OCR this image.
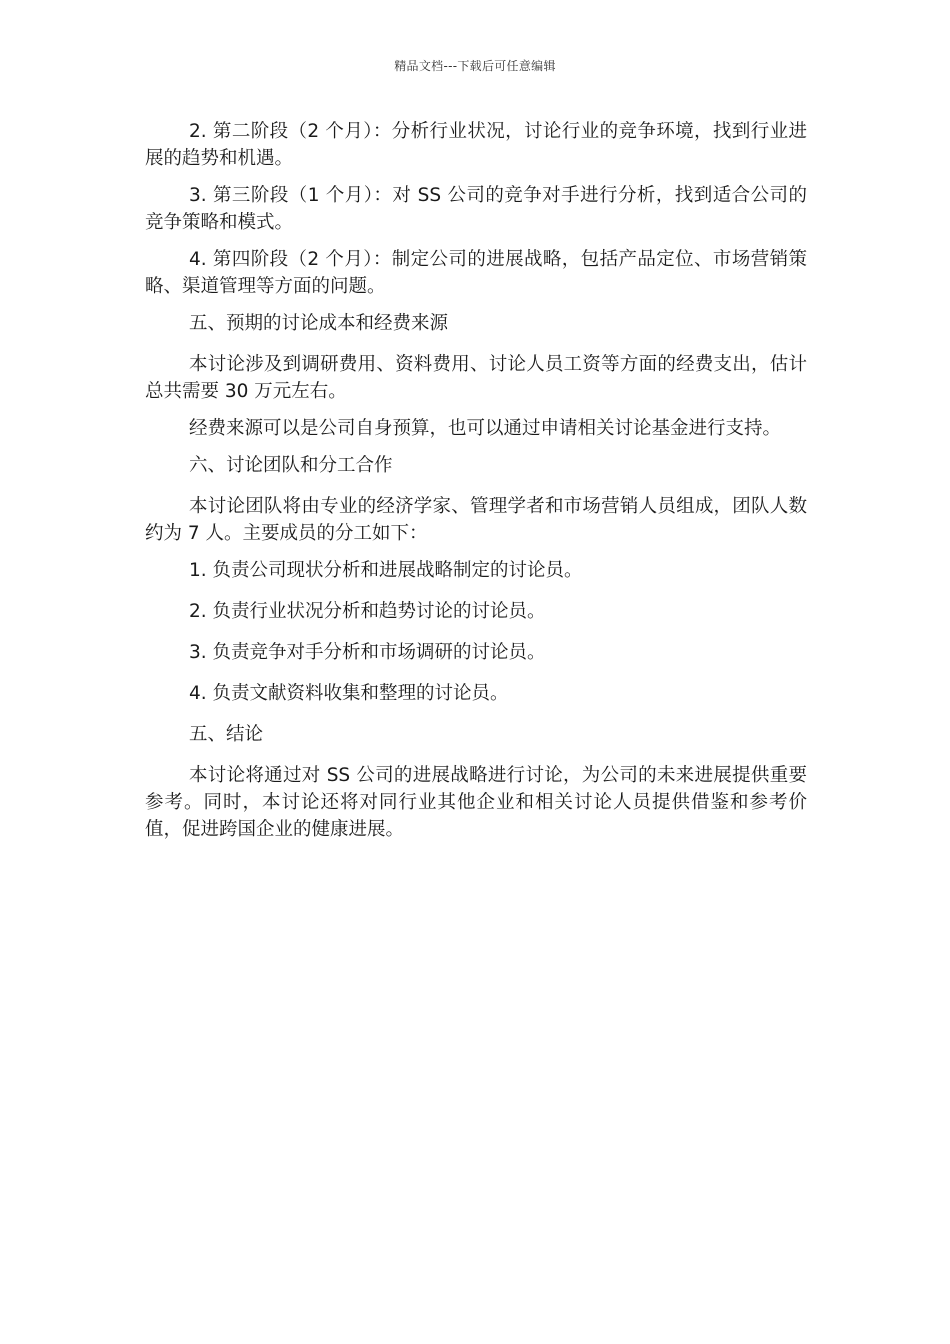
精品文档---下载后可任意编辑

2. 第二阶段（2 个月）：分析行业状况，讨论行业的竞争环境，找到行业进展的趋势和机遇。

3. 第三阶段（1 个月）：对 SS 公司的竞争对手进行分析，找到适合公司的竞争策略和模式。

4. 第四阶段（2 个月）：制定公司的进展战略，包括产品定位、市场营销策略、渠道管理等方面的问题。

五、预期的讨论成本和经费来源

本讨论涉及到调研费用、资料费用、讨论人员工资等方面的经费支出，估计总共需要 30 万元左右。

经费来源可以是公司自身预算，也可以通过申请相关讨论基金进行支持。

六、讨论团队和分工合作

本讨论团队将由专业的经济学家、管理学者和市场营销人员组成，团队人数约为 7 人。主要成员的分工如下：

1. 负责公司现状分析和进展战略制定的讨论员。

2. 负责行业状况分析和趋势讨论的讨论员。

3. 负责竞争对手分析和市场调研的讨论员。

4. 负责文献资料收集和整理的讨论员。

五、结论

本讨论将通过对 SS 公司的进展战略进行讨论，为公司的未来进展提供重要参考。同时，本讨论还将对同行业其他企业和相关讨论人员提供借鉴和参考价值，促进跨国企业的健康进展。
